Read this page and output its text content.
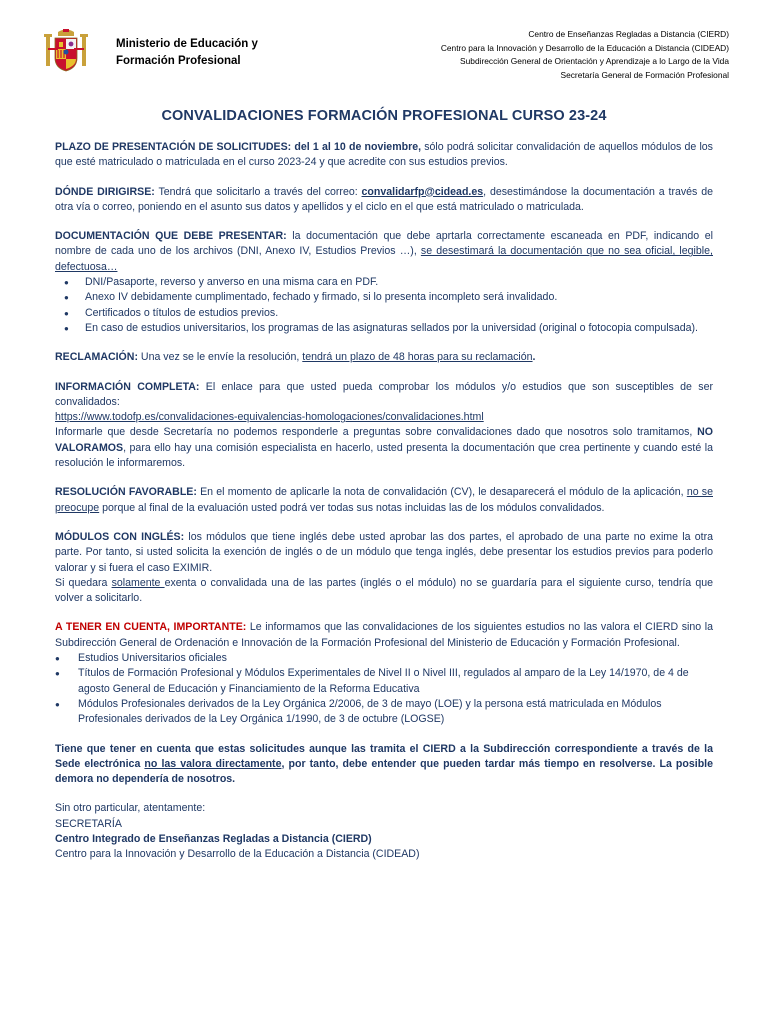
Ministerio de Educación y
Formación Profesional
Centro de Enseñanzas Regladas a Distancia (CIERD)
Centro para la Innovación y Desarrollo de la Educación a Distancia (CIDEAD)
Subdirección General de Orientación y Aprendizaje a lo Largo de la Vida
Secretaría General de Formación Profesional
CONVALIDACIONES FORMACIÓN PROFESIONAL CURSO 23-24

PLAZO DE PRESENTACIÓN DE SOLICITUDES: del 1 al 10 de noviembre, sólo podrá solicitar convalidación de aquellos módulos de los que esté matriculado o matriculada en el curso 2023-24 y que acredite con sus estudios previos.

DÓNDE DIRIGIRSE: Tendrá que solicitarlo a través del correo: convalidarfp@cidead.es, desestimándose la documentación a través de otra vía o correo, poniendo en el asunto sus datos y apellidos y el ciclo en el que está matriculado o matriculada.

DOCUMENTACIÓN QUE DEBE PRESENTAR: la documentación que debe aprtarla correctamente escaneada en PDF, indicando el nombre de cada uno de los archivos (DNI, Anexo IV, Estudios Previos …), se desestimará la documentación que no sea oficial, legible, defectuosa…

● DNI/Pasaporte, reverso y anverso en una misma cara en PDF.
● Anexo IV debidamente cumplimentado, fechado y firmado, si lo presenta incompleto será invalidado.
● Certificados o títulos de estudios previos.
● En caso de estudios universitarios, los programas de las asignaturas sellados por la universidad (original o fotocopia compulsada).

RECLAMACIÓN: Una vez se le envíe la resolución, tendrá un plazo de 48 horas para su reclamación.

INFORMACIÓN COMPLETA: El enlace para que usted pueda comprobar los módulos y/o estudios que son susceptibles de ser convalidados:
https://www.todofp.es/convalidaciones-equivalencias-homologaciones/convalidaciones.html
Informarle que desde Secretaría no podemos responderle a preguntas sobre convalidaciones dado que nosotros solo tramitamos, NO VALORAMOS, para ello hay una comisión especialista en hacerlo, usted presenta la documentación que crea pertinente y cuando esté la resolución le informaremos.

RESOLUCIÓN FAVORABLE: En el momento de aplicarle la nota de convalidación (CV), le desaparecerá el módulo de la aplicación, no se preocupe porque al final de la evaluación usted podrá ver todas sus notas incluidas las de los módulos convalidados.

MÓDULOS CON INGLÉS: los módulos que tiene inglés debe usted aprobar las dos partes, el aprobado de una parte no exime la otra parte. Por tanto, si usted solicita la exención de inglés o de un módulo que tenga inglés, debe presentar los estudios previos para poderlo valorar y si fuera el caso EXIMIR.
Si quedara solamente exenta o convalidada una de las partes (inglés o el módulo) no se guardaría para el siguiente curso, tendría que volver a solicitarlo.

A TENER EN CUENTA, IMPORTANTE: Le informamos que las convalidaciones de los siguientes estudios no las valora el CIERD sino la Subdirección General de Ordenación e Innovación de la Formación Profesional del Ministerio de Educación y Formación Profesional.

● Estudios Universitarios oficiales
● Títulos de Formación Profesional y Módulos Experimentales de Nivel II o Nivel III, regulados al amparo de la Ley 14/1970, de 4 de agosto General de Educación y Financiamiento de la Reforma Educativa
● Módulos Profesionales derivados de la Ley Orgánica 2/2006, de 3 de mayo (LOE) y la persona está matriculada en Módulos Profesionales derivados de la Ley Orgánica 1/1990, de 3 de octubre (LOGSE)

Tiene que tener en cuenta que estas solicitudes aunque las tramita el CIERD a la Subdirección correspondiente a través de la Sede electrónica no las valora directamente, por tanto, debe entender que pueden tardar más tiempo en resolverse. La posible demora no dependería de nosotros.

Sin otro particular, atentamente:
SECRETARÍA
Centro Integrado de Enseñanzas Regladas a Distancia (CIERD)
Centro para la Innovación y Desarrollo de la Educación a Distancia (CIDEAD)
